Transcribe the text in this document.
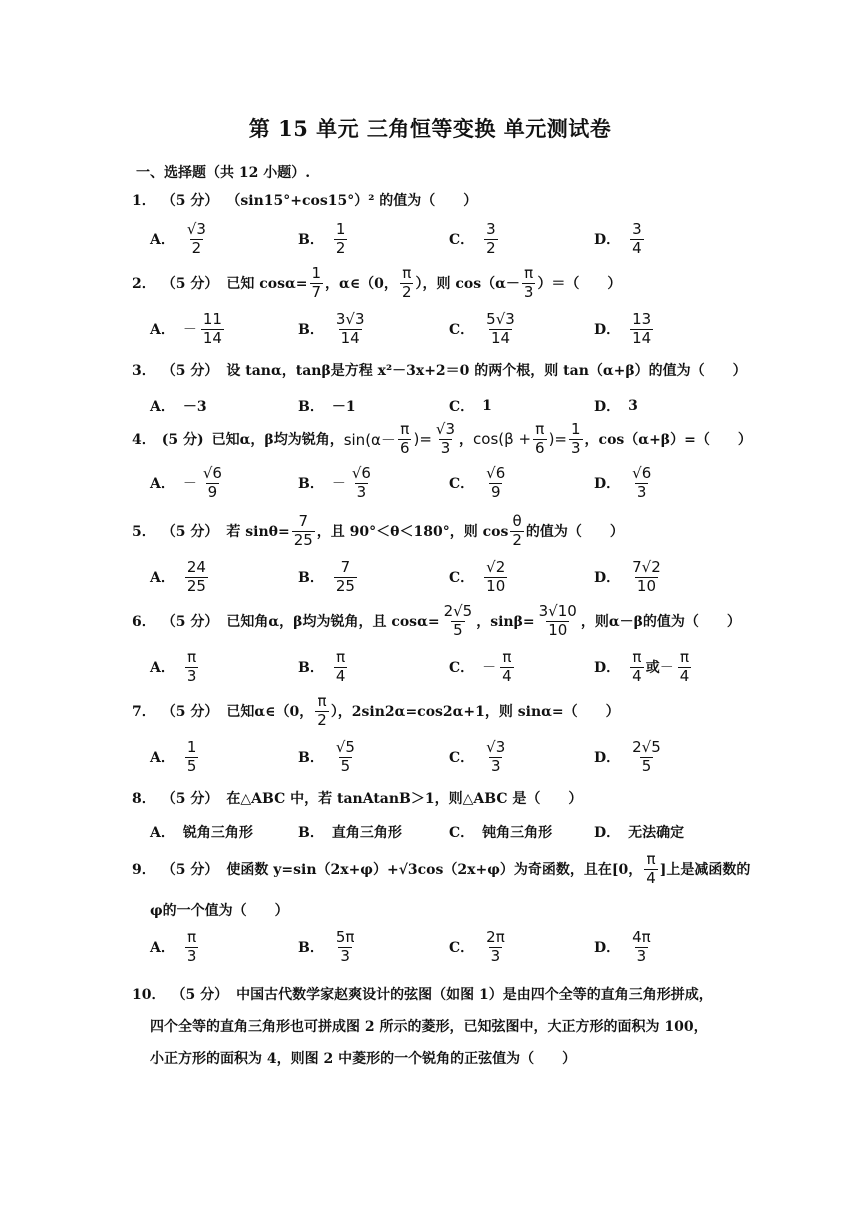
第 15 单元 三角恒等变换 单元测试卷
一、选择题（共 12 小题）.
1． （5 分） （sin15°+cos15°）² 的值为（　　）
A． $\frac{√3}{2}$	B． $\frac{1}{2}$	C． $\frac{3}{2}$	D． $\frac{3}{4}$
2． （5 分） 已知 $\cos\alpha= \frac{1}{7}$ ，α∈（0， $\frac{\pi}{2}$ ），则 $\cos(\alpha- \frac{\pi}{3}$ ）＝（　　）
A． － $\frac{11}{14}$	B． $\frac{3√3}{14}$	C． $\frac{5√3}{14}$	D． $\frac{13}{14}$
3． （5 分） 设 tanα，tanβ是方程 x²－3x+2＝0 的两个根，则 tan（α+β）的值为（　　）
A． －3	B． －1	C． 1	D． 3
4． (5 分) 已知α，β均为锐角， $\sin(\alpha- \frac{\pi}{6}$ )= $\frac{√3}{3}$ ， $\cos(\beta + \frac{\pi}{6}$ )= $\frac{1}{3}$ ，cos（α+β）=（　　）
A． － $\frac{√6}{9}$	B． － $\frac{√6}{3}$	C． $\frac{√6}{9}$	D． $\frac{√6}{3}$
5． （5 分） 若 $\sin\theta= \frac{7}{25}$ ，且 90°＜θ＜180°，则 $\cos \frac{\theta}{2}$ 的值为（　　）
A． $\frac{24}{25}$	B． $\frac{7}{25}$	C． $\frac{√2}{10}$	D． $\frac{7√2}{10}$
6． （5 分） 已知角α，β均为锐角，且 $\cos\alpha= \frac{2√5}{5}$ ，$\sin\beta= \frac{3√10}{10}$ ，则α－β的值为（　　）
A． $\frac{\pi}{3}$	B． $\frac{\pi}{4}$	C． － $\frac{\pi}{4}$	D． $\frac{\pi}{4}$ 或 － $\frac{\pi}{4}$
7． （5 分） 已知α∈（0， $\frac{\pi}{2}$ ），2sin2α=cos2α+1，则 sinα=（　　）
A． $\frac{1}{5}$	B． $\frac{√5}{5}$	C． $\frac{√3}{3}$	D． $\frac{2√5}{5}$
8． （5 分） 在△ABC 中，若 tanAtanB＞1，则△ABC 是（　　）
A． 锐角三角形	B． 直角三角形	C． 钝角三角形	D． 无法确定
9． （5 分） 使函数 y=sin（2x+φ）+√3cos（2x+φ）为奇函数，且在[0， $\frac{\pi}{4}$ ]上是减函数的
φ的一个值为（　　）
A． $\frac{\pi}{3}$	B． $\frac{5\pi}{3}$	C． $\frac{2\pi}{3}$	D． $\frac{4\pi}{3}$
10． （5 分） 中国古代数学家赵爽设计的弦图（如图 1）是由四个全等的直角三角形拼成，
四个全等的直角三角形也可拼成图 2 所示的菱形，已知弦图中，大正方形的面积为 100，
小正方形的面积为 4，则图 2 中菱形的一个锐角的正弦值为（　　）
